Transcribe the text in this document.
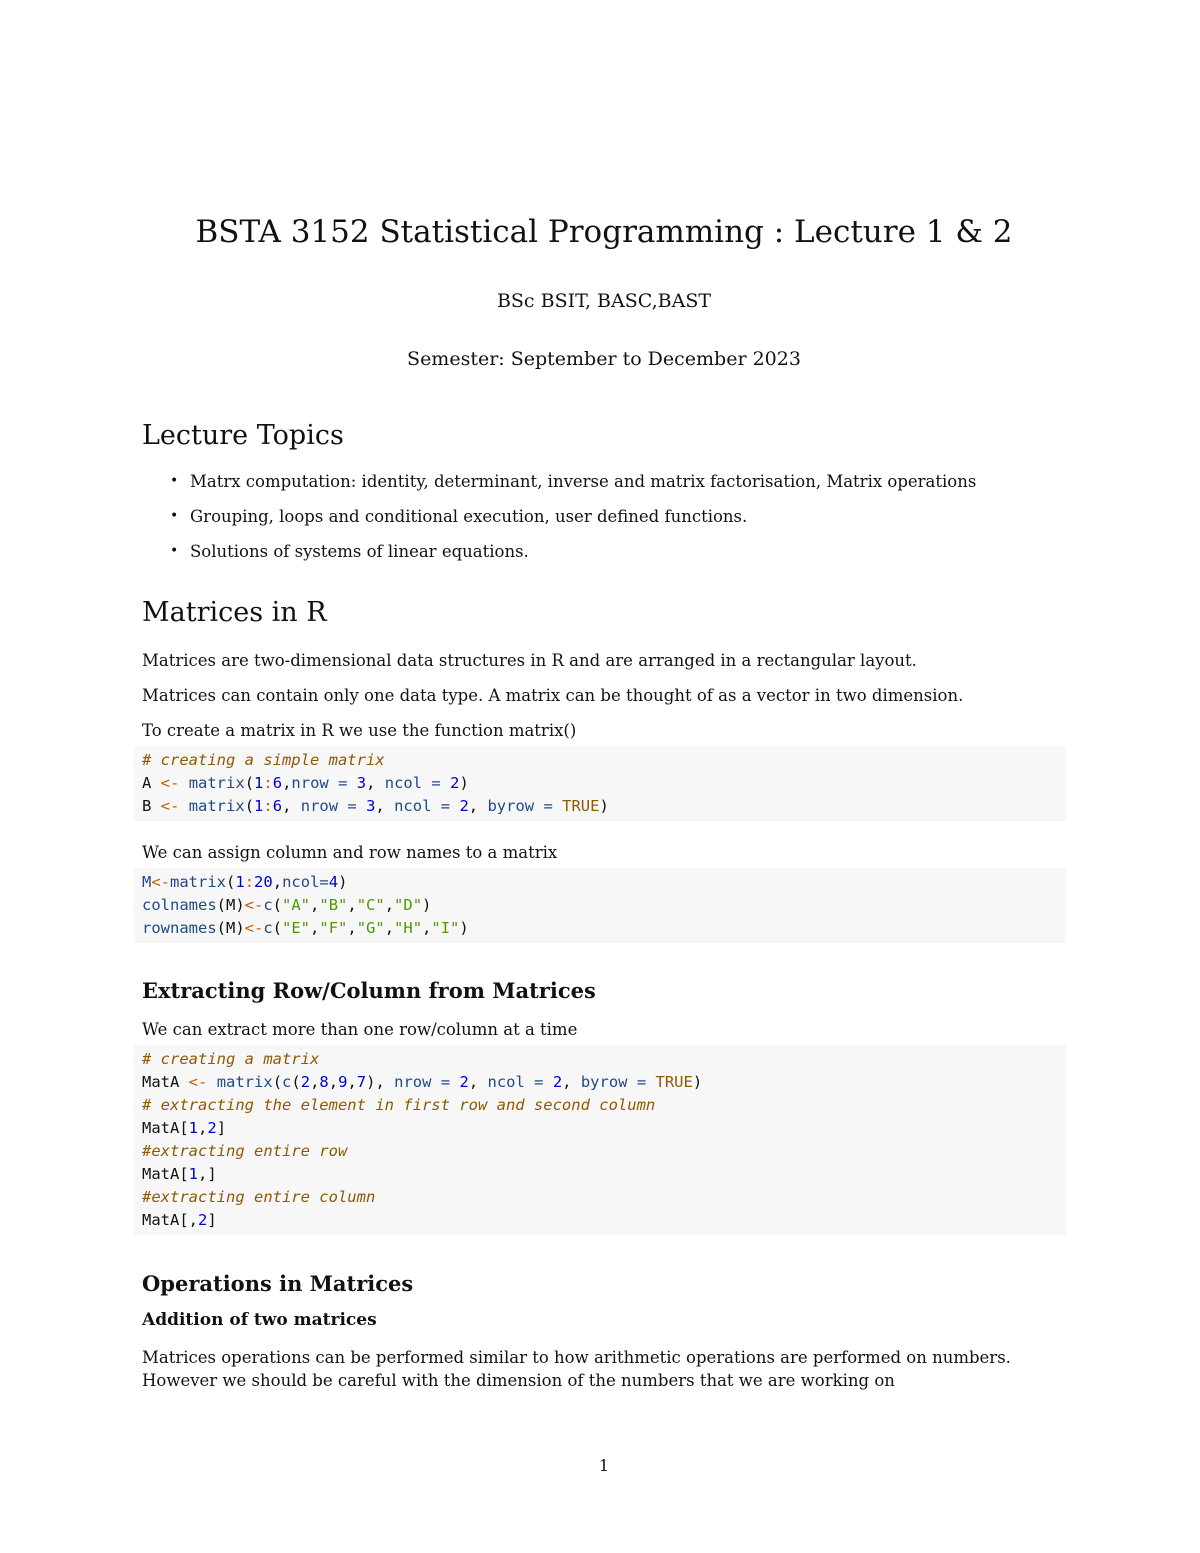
BSTA 3152 Statistical Programming : Lecture 1 & 2
BSc BSIT, BASC,BAST
Semester: September to December 2023
Lecture Topics
• Matrx computation: identity, determinant, inverse and matrix factorisation, Matrix operations
• Grouping, loops and conditional execution, user defined functions.
• Solutions of systems of linear equations.
Matrices in R

Matrices are two-dimensional data structures in R and are arranged in a rectangular layout.

Matrices can contain only one data type. A matrix can be thought of as a vector in two dimension.

To create a matrix in R we use the function matrix()

# creating a simple matrix
A <- matrix(1:6,nrow = 3, ncol = 2)
B <- matrix(1:6, nrow = 3, ncol = 2, byrow = TRUE)

We can assign column and row names to a matrix

M<-matrix(1:20,ncol=4)
colnames(M)<-c("A","B","C","D")
rownames(M)<-c("E","F","G","H","I")
Extracting Row/Column from Matrices

We can extract more than one row/column at a time

# creating a matrix
MatA <- matrix(c(2,8,9,7), nrow = 2, ncol = 2, byrow = TRUE)
# extracting the element in first row and second column
MatA[1,2]
#extracting entire row
MatA[1,]
#extracting entire column
MatA[,2]
Operations in Matrices
Addition of two matrices

Matrices operations can be performed similar to how arithmetic operations are performed on numbers. However we should be careful with the dimension of the numbers that we are working on

1
